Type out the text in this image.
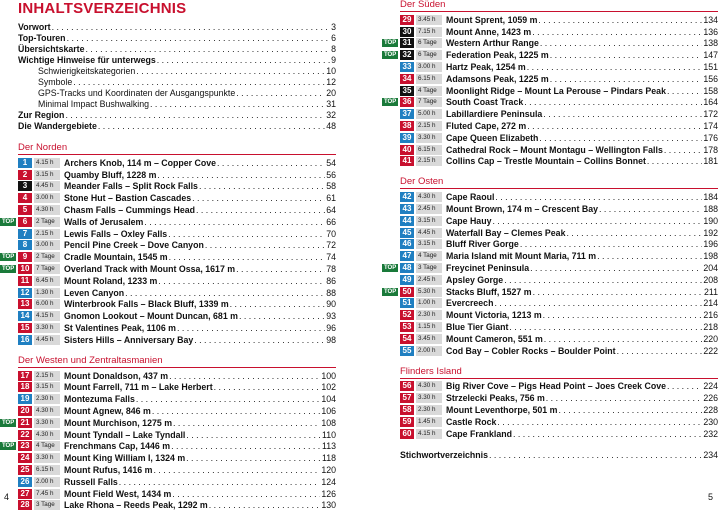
INHALTSVERZEICHNIS
Vorwort . . .	3
Top-Touren . . .	6
Übersichtskarte . . .	8
Wichtige Hinweise für unterwegs . . .	9
Schwierigkeitskategorien . . .	10
Symbole . . .	12
GPS-Tracks und Koordinaten der Ausgangspunkte . . .	20
Minimal Impact Bushwalking . . .	31
Zur Region . . .	32
Die Wandergebiete . . .	48
Der Norden
1	4.15 h	Archers Knob, 114 m – Copper Cove . . .	54
2	3.15 h	Quamby Bluff, 1228 m . . .	56
3	4.45 h	Meander Falls – Split Rock Falls . . .	58
4	3.00 h	Stone Hut – Bastion Cascades . . .	61
5	4.30 h	Chasm Falls – Cummings Head . . .	64
TOP	6	2 Tage	Walls of Jerusalem . . .	66
7	2.15 h	Lewis Falls – Oxley Falls . . .	70
8	3.00 h	Pencil Pine Creek – Dove Canyon . . .	72
TOP	9	2 Tage	Cradle Mountain, 1545 m . . .	74
TOP 10	7 Tage	Overland Track with Mount Ossa, 1617 m . . .	78
11	6.45 h	Mount Roland, 1233 m . . .	86
12	1.30 h	Leven Canyon . . .	88
13	6.00 h	Winterbrook Falls – Black Bluff, 1339 m . . .	90
14	4.15 h	Gnomon Lookout – Mount Duncan, 681 m . . .	93
15	3.30 h	St Valentines Peak, 1106 m . . .	96
16	4.45 h	Sisters Hills – Anniversary Bay . . .	98
Der Westen und Zentraltasmanien
17	2.15 h	Mount Donaldson, 437 m . . .	100
18	3.15 h	Mount Farrell, 711 m – Lake Herbert . . .	102
19	2.30 h	Montezuma Falls . . .	104
20	4.30 h	Mount Agnew, 846 m . . .	106
TOP 21	3.30 h	Mount Murchison, 1275 m . . .	108
22	4.30 h	Mount Tyndall – Lake Tyndall . . .	110
TOP 23	4 Tage	Frenchmans Cap, 1446 m . . .	113
24	3.30 h	Mount King William I, 1324 m . . .	118
25	6.15 h	Mount Rufus, 1416 m . . .	120
26	2.00 h	Russell Falls . . .	124
27	7.45 h	Mount Field West, 1434 m . . .	126
28	3 Tage	Lake Rhona – Reeds Peak, 1292 m . . .	130
Der Süden
29	3.45 h	Mount Sprent, 1059 m . . .	134
30	7.15 h	Mount Anne, 1423 m . . .	136
TOP 31	6 Tage	Western Arthur Range . . .	138
TOP 32	6 Tage	Federation Peak, 1225 m . . .	147
33	3.00 h	Hartz Peak, 1254 m . . .	151
34	6.15 h	Adamsons Peak, 1225 m . . .	156
35	4 Tage	Moonlight Ridge – Mount La Perouse – Pindars Peak . . .	158
TOP 36	7 Tage	South Coast Track . . .	164
37	5.00 h	Labillardiere Peninsula . . .	172
38	2.15 h	Fluted Cape, 272 m . . .	174
39	3.30 h	Cape Queen Elizabeth . . .	176
40	6.15 h	Cathedral Rock – Mount Montagu – Wellington Falls . . .	178
41	2.15 h	Collins Cap – Trestle Mountain – Collins Bonnet . . .	181
Der Osten
42	4.30 h	Cape Raoul . . .	184
43	2.45 h	Mount Brown, 174 m – Crescent Bay . . .	188
44	3.15 h	Cape Hauy . . .	190
45	4.45 h	Waterfall Bay – Clemes Peak . . .	192
46	3.15 h	Bluff River Gorge . . .	196
47	4 Tage	Maria Island mit Mount Maria, 711 m . . .	198
TOP 48	3 Tage	Freycinet Peninsula . . .	204
49	2.45 h	Apsley Gorge . . .	208
TOP 50	5.30 h	Stacks Bluff, 1527 m . . .	211
51	1.00 h	Evercreech . . .	214
52	2.30 h	Mount Victoria, 1213 m . . .	216
53	1.15 h	Blue Tier Giant . . .	218
54	3.45 h	Mount Cameron, 551 m . . .	220
55	2.00 h	Cod Bay – Cobler Rocks – Boulder Point . . .	222
Flinders Island
56	4.30 h	Big River Cove – Pigs Head Point – Joes Creek Cove . . .	224
57	3.30 h	Strzelecki Peaks, 756 m . . .	226
58	2.30 h	Mount Leventhorpe, 501 m . . .	228
59	1.45 h	Castle Rock . . .	230
60	4.15 h	Cape Frankland . . .	232
Stichwortverzeichnis . . .	234
4	5
